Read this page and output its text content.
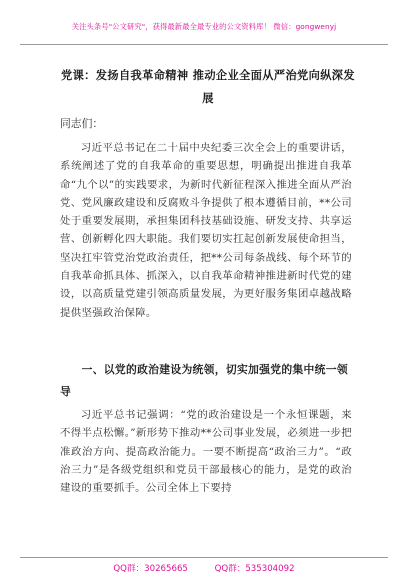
关注头条号"公文研究"，获得最新最全最专业的公文资料库！ 微信：gongwenyj
党课：发扬自我革命精神 推动企业全面从严治党向纵深发展
同志们：

习近平总书记在二十届中央纪委三次全会上的重要讲话，系统阐述了党的自我革命的重要思想，明确提出推进自我革命“九个以”的实践要求，为新时代新征程深入推进全面从严治党、党风廉政建设和反腐败斗争提供了根本遵循目前，**公司处于重要发展期，承担集团科技基础设施、研发支持、共享运营、创新孵化四大职能。我们要切实扛起创新发展使命担当，坚决扛牢管党治党政治责任，把**公司每条战线、每个环节的自我革命抓具体、抓深入，以自我革命精神推进新时代党的建设，以高质量党建引领高质量发展，为更好服务集团卓越战略提供坚强政治保障。

一、以党的政治建设为统领，切实加强党的集中统一领导

习近平总书记强调：“党的政治建设是一个永恒课题，来不得半点松懈。”新形势下推动**公司事业发展，必须进一步把准政治方向、提高政治能力。一要不断提高“政治三力”。“政治三力”是各级党组织和党员干部最核心的能力，是党的政治建设的重要抓手。公司全体上下要持

QQ群：30265665	QQ群：535304092
